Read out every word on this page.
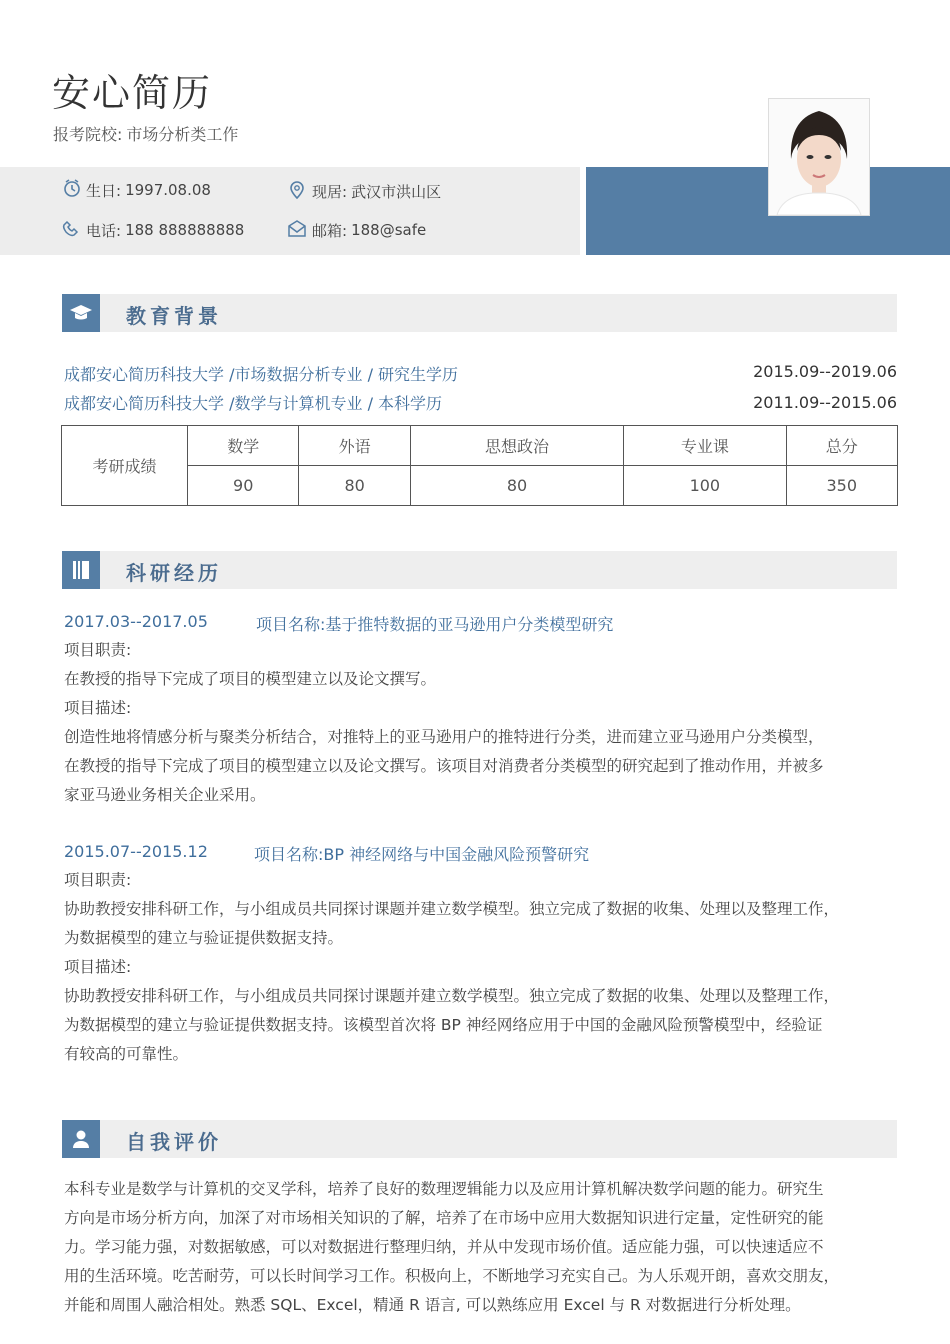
安心简历
报考院校: 市场分析类工作
生日: 1997.08.08	现居: 武汉市洪山区
电话: 188 888888888	邮箱: 188@safe
教育背景
成都安心简历科技大学 /市场数据分析专业 / 研究生学历	2015.09--2019.06
成都安心简历科技大学 /数学与计算机专业 / 本科学历	2011.09--2015.06
考研成绩	数学	外语	思想政治	专业课	总分
	90	80	80	100	350
科研经历
2017.03--2017.05	项目名称:基于推特数据的亚马逊用户分类模型研究
项目职责:
在教授的指导下完成了项目的模型建立以及论文撰写。
项目描述:
创造性地将情感分析与聚类分析结合，对推特上的亚马逊用户的推特进行分类，进而建立亚马逊用户分类模型，
在教授的指导下完成了项目的模型建立以及论文撰写。该项目对消费者分类模型的研究起到了推动作用，并被多
家亚马逊业务相关企业采用。
2015.07--2015.12	项目名称:BP 神经网络与中国金融风险预警研究
项目职责:
协助教授安排科研工作，与小组成员共同探讨课题并建立数学模型。独立完成了数据的收集、处理以及整理工作，
为数据模型的建立与验证提供数据支持。
项目描述:
协助教授安排科研工作，与小组成员共同探讨课题并建立数学模型。独立完成了数据的收集、处理以及整理工作，
为数据模型的建立与验证提供数据支持。该模型首次将 BP 神经网络应用于中国的金融风险预警模型中，经验证
有较高的可靠性。
自我评价
本科专业是数学与计算机的交叉学科，培养了良好的数理逻辑能力以及应用计算机解决数学问题的能力。研究生
方向是市场分析方向，加深了对市场相关知识的了解，培养了在市场中应用大数据知识进行定量，定性研究的能
力。学习能力强，对数据敏感，可以对数据进行整理归纳，并从中发现市场价值。适应能力强，可以快速适应不
用的生活环境。吃苦耐劳，可以长时间学习工作。积极向上，不断地学习充实自己。为人乐观开朗，喜欢交朋友，
并能和周围人融洽相处。熟悉 SQL、Excel，精通 R 语言, 可以熟练应用 Excel 与 R 对数据进行分析处理。
